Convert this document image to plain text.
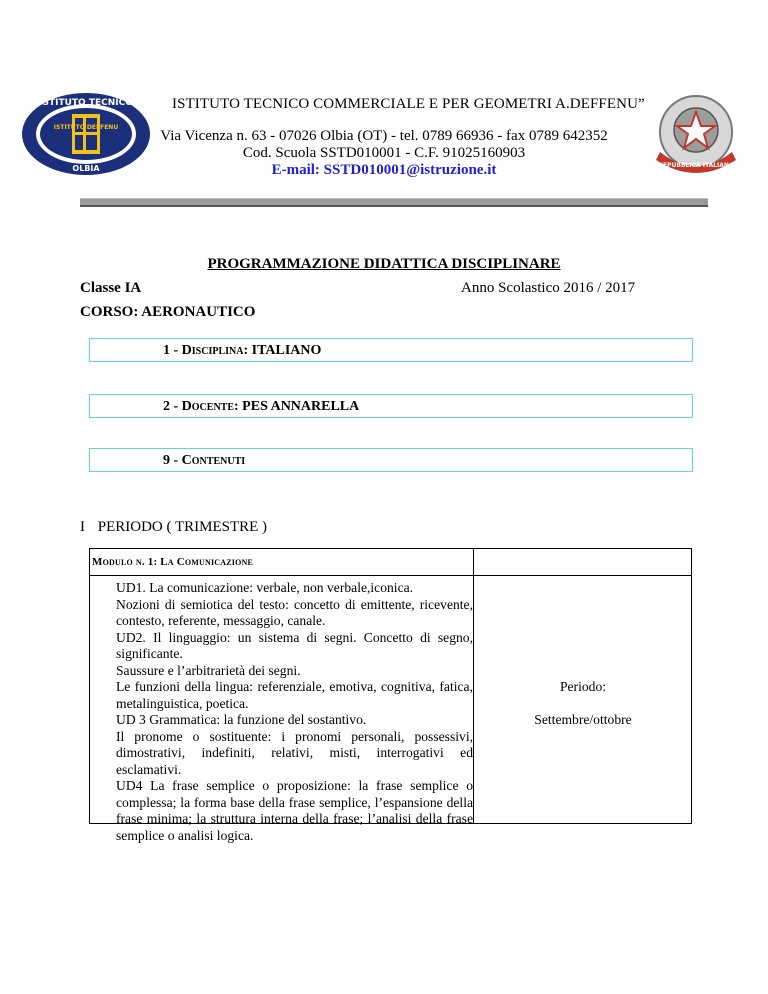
ISTITUTO TECNICO
ISTITUTO DEFFENU
OLBIA	REPUBBLICA ITALIANA
ISTITUTO TECNICO COMMERCIALE E PER GEOMETRI A.DEFFENU”
Via Vicenza n. 63 - 07026 Olbia (OT) - tel. 0789 66936 - fax 0789 642352
Cod. Scuola SSTD010001 - C.F. 91025160903
E-mail: SSTD010001@istruzione.it
PROGRAMMAZIONE DIDATTICA DISCIPLINARE
Classe IA	Anno Scolastico 2016 / 2017
CORSO: AERONAUTICO
1 - Disciplina: ITALIANO
2 - Docente: PES ANNARELLA
9 - Contenuti
I PERIODO ( TRIMESTRE )
Modulo n. 1: La Comunicazione

UD1. La comunicazione: verbale, non verbale,iconica.

Nozioni di semiotica del testo: concetto di emittente, ricevente, contesto, referente, messaggio, canale.

UD2. Il linguaggio: un sistema di segni. Concetto di segno, significante.

Saussure e l’arbitrarietà dei segni.

Le funzioni della lingua: referenziale, emotiva, cognitiva, fatica, metalinguistica, poetica.

UD 3 Grammatica: la funzione del sostantivo.

Il pronome o sostituente: i pronomi personali, possessivi, dimostrativi, indefiniti, relativi, misti, interrogativi ed esclamativi.

UD4 La frase semplice o proposizione: la frase semplice o complessa; la forma base della frase semplice, l’espansione della frase minima; la struttura interna della frase; l’analisi della frase semplice o analisi logica.

Periodo:
Settembre/ottobre
